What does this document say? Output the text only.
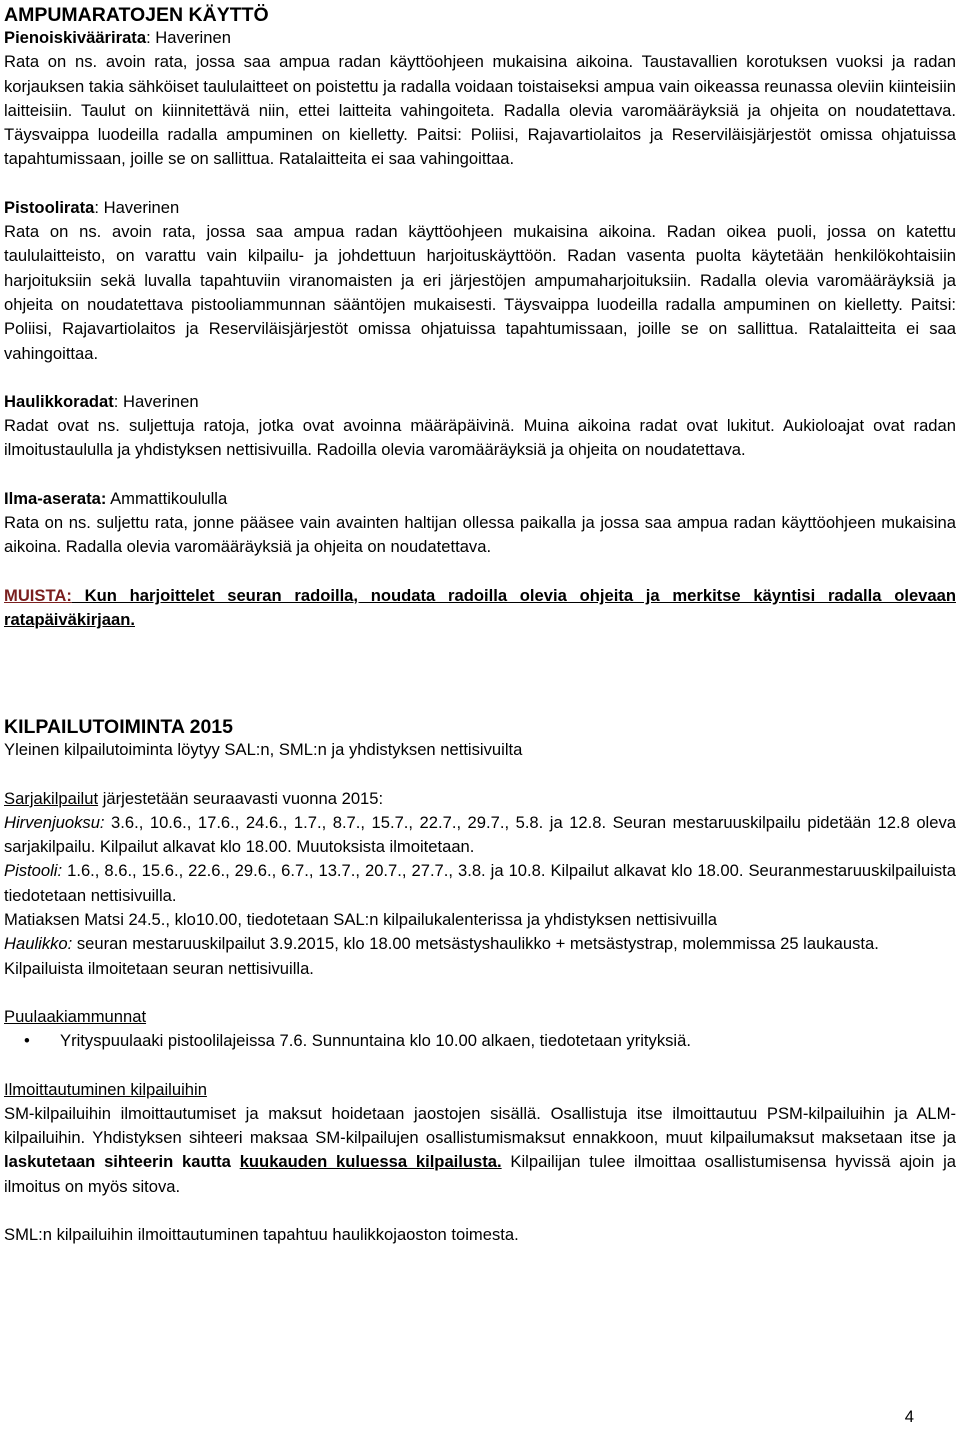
AMPUMARATOJEN KÄYTTÖ

Pienoiskiväärirata: Haverinen

Rata on ns. avoin rata, jossa saa ampua radan käyttöohjeen mukaisina aikoina. Taustavallien korotuksen vuoksi ja radan korjauksen takia sähköiset taululaitteet on poistettu ja radalla voidaan toistaiseksi ampua vain oikeassa reunassa oleviin kiinteisiin laitteisiin. Taulut on kiinnitettävä niin, ettei laitteita vahingoiteta. Radalla olevia varomääräyksiä ja ohjeita on noudatettava. Täysvaippa luodeilla radalla ampuminen on kielletty. Paitsi: Poliisi, Rajavartiolaitos ja Reserviläisjärjestöt omissa ohjatuissa tapahtumissaan, joille se on sallittua. Ratalaitteita ei saa vahingoittaa.

Pistoolirata: Haverinen

Rata on ns. avoin rata, jossa saa ampua radan käyttöohjeen mukaisina aikoina. Radan oikea puoli, jossa on katettu taululaitteisto, on varattu vain kilpailu- ja johdettuun harjoituskäyttöön. Radan vasenta puolta käytetään henkilökohtaisiin harjoituksiin sekä luvalla tapahtuviin viranomaisten ja eri järjestöjen ampumaharjoituksiin. Radalla olevia varomääräyksiä ja ohjeita on noudatettava pistooliammunnan sääntöjen mukaisesti. Täysvaippa luodeilla radalla ampuminen on kielletty. Paitsi: Poliisi, Rajavartiolaitos ja Reserviläisjärjestöt omissa ohjatuissa tapahtumissaan, joille se on sallittua. Ratalaitteita ei saa vahingoittaa.

Haulikkoradat: Haverinen

Radat ovat ns. suljettuja ratoja, jotka ovat avoinna määräpäivinä. Muina aikoina radat ovat lukitut. Aukioloajat ovat radan ilmoitustaululla ja yhdistyksen nettisivuilla. Radoilla olevia varomääräyksiä ja ohjeita on noudatettava.

Ilma-aserata: Ammattikoululla

Rata on ns. suljettu rata, jonne pääsee vain avainten haltijan ollessa paikalla ja jossa saa ampua radan käyttöohjeen mukaisina aikoina. Radalla olevia varomääräyksiä ja ohjeita on noudatettava.

MUISTA: Kun harjoittelet seuran radoilla, noudata radoilla olevia ohjeita ja merkitse käyntisi radalla olevaan ratapäiväkirjaan.

KILPAILUTOIMINTA 2015

Yleinen kilpailutoiminta löytyy SAL:n, SML:n ja yhdistyksen nettisivuilta

Sarjakilpailut järjestetään seuraavasti vuonna 2015:

Hirvenjuoksu: 3.6., 10.6., 17.6., 24.6., 1.7., 8.7., 15.7., 22.7., 29.7., 5.8. ja 12.8. Seuran mestaruuskilpailu pidetään 12.8 oleva sarjakilpailu. Kilpailut alkavat klo 18.00. Muutoksista ilmoitetaan.

Pistooli: 1.6., 8.6., 15.6., 22.6., 29.6., 6.7., 13.7., 20.7., 27.7., 3.8. ja 10.8. Kilpailut alkavat klo 18.00. Seuranmestaruuskilpailuista tiedotetaan nettisivuilla.

Matiaksen Matsi 24.5., klo10.00, tiedotetaan SAL:n kilpailukalenterissa ja yhdistyksen nettisivuilla

Haulikko: seuran mestaruuskilpailut 3.9.2015, klo 18.00 metsästyshaulikko + metsästystrap, molemmissa 25 laukausta.

Kilpailuista ilmoitetaan seuran nettisivuilla.

Puulaakiammunnat

• Yrityspuulaaki pistoolilajeissa 7.6. Sunnuntaina klo 10.00 alkaen, tiedotetaan yrityksiä.

Ilmoittautuminen kilpailuihin

SM-kilpailuihin ilmoittautumiset ja maksut hoidetaan jaostojen sisällä. Osallistuja itse ilmoittautuu PSM-kilpailuihin ja ALM-kilpailuihin. Yhdistyksen sihteeri maksaa SM-kilpailujen osallistumismaksut ennakkoon, muut kilpailumaksut maksetaan itse ja laskutetaan sihteerin kautta kuukauden kuluessa kilpailusta. Kilpailijan tulee ilmoittaa osallistumisensa hyvissä ajoin ja ilmoitus on myös sitova.

SML:n kilpailuihin ilmoittautuminen tapahtuu haulikkojaoston toimesta.

4
